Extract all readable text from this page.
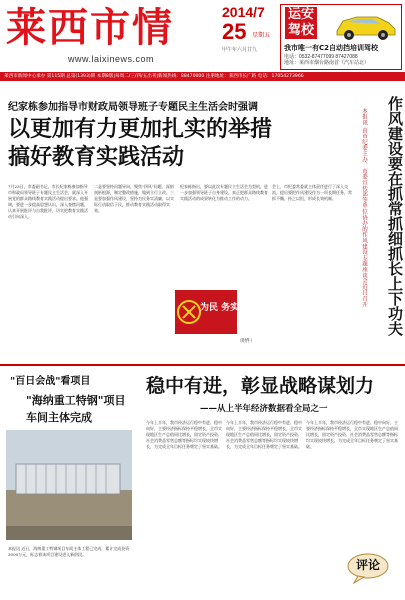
莱西市情
www.laixinews.com
2014/7
25 星期五
甲午年六月廿九
运安
驾校
我市唯一有C2自动挡培训驾校
电话：0532-87477099 87427088
地址：莱西市烟台路南首（汽车站北）
莱西市新闻中心承办 第115期 总第(1393)期 本期8版|每周二/三/四/五出刊|新闻热线：88470000 注册地址：莱西市长广路 电话：17054273966
纪家栋参加指导市财政局领导班子专题民主生活会时强调
以更加有力更加扎实的举措搞好教育实践活动
7月23日，市委副书记、市长纪家栋参加指导市财政局领导班子专题民主生活会，就深入开展党的群众路线教育实践活动提出要求。他强调，要进一步提高思想认识，深入查摆问题，认真开展批评与自我批评，切实把教育实践活动引向深入。
二是要坚持问题导向，聚焦"四风"问题，深刻剖析根源，制定整改措施，做到立行立改。三是要加强作风建设，坚持为民务实清廉，以实际行动取信于民，推动教育实践活动取得实效。
纪家栋指出，要以此次专题民主生活会为契机，进一步加强领导班子自身建设，真正把群众路线教育实践活动的成果转化为推动工作的动力。
会上，市纪委常委就主体责任进行了深入交流，提出要把作风建设作为一项长期任务，常抓不懈，持之以恒，形成长效机制。	本报讯 由市纪委主办、市委宣传部等单位协办的作风建设专题座谈会近日召开	作风建设要在抓常抓细抓长上下功夫
为民 务实 清廉
（附件）
"百日会战"看项目
"海纳重工特钢"项目
车间主体完成
本报讯 近日，海纳重工特钢项目车间主体工程已完成，累计完成投资3000万元，标志着该项目建设进入新阶段。
稳中有进，彰显战略谋划力
——从上半年经济数据看全局之一
今年上半年，我市经济运行稳中有进、稳中向好，主要经济指标保持平稳增长，全市实现地区生产总值同比增长，固定资产投资、社会消费品零售总额等指标均实现较快增长，为完成全年目标任务奠定了坚实基础。
今年上半年，我市经济运行稳中有进、稳中向好，主要经济指标保持平稳增长，全市实现地区生产总值同比增长，固定资产投资、社会消费品零售总额等指标均实现较快增长，为完成全年目标任务奠定了坚实基础。
今年上半年，我市经济运行稳中有进、稳中向好，主要经济指标保持平稳增长，全市实现地区生产总值同比增长，固定资产投资、社会消费品零售总额等指标均实现较快增长，为完成全年目标任务奠定了坚实基础。
评论
